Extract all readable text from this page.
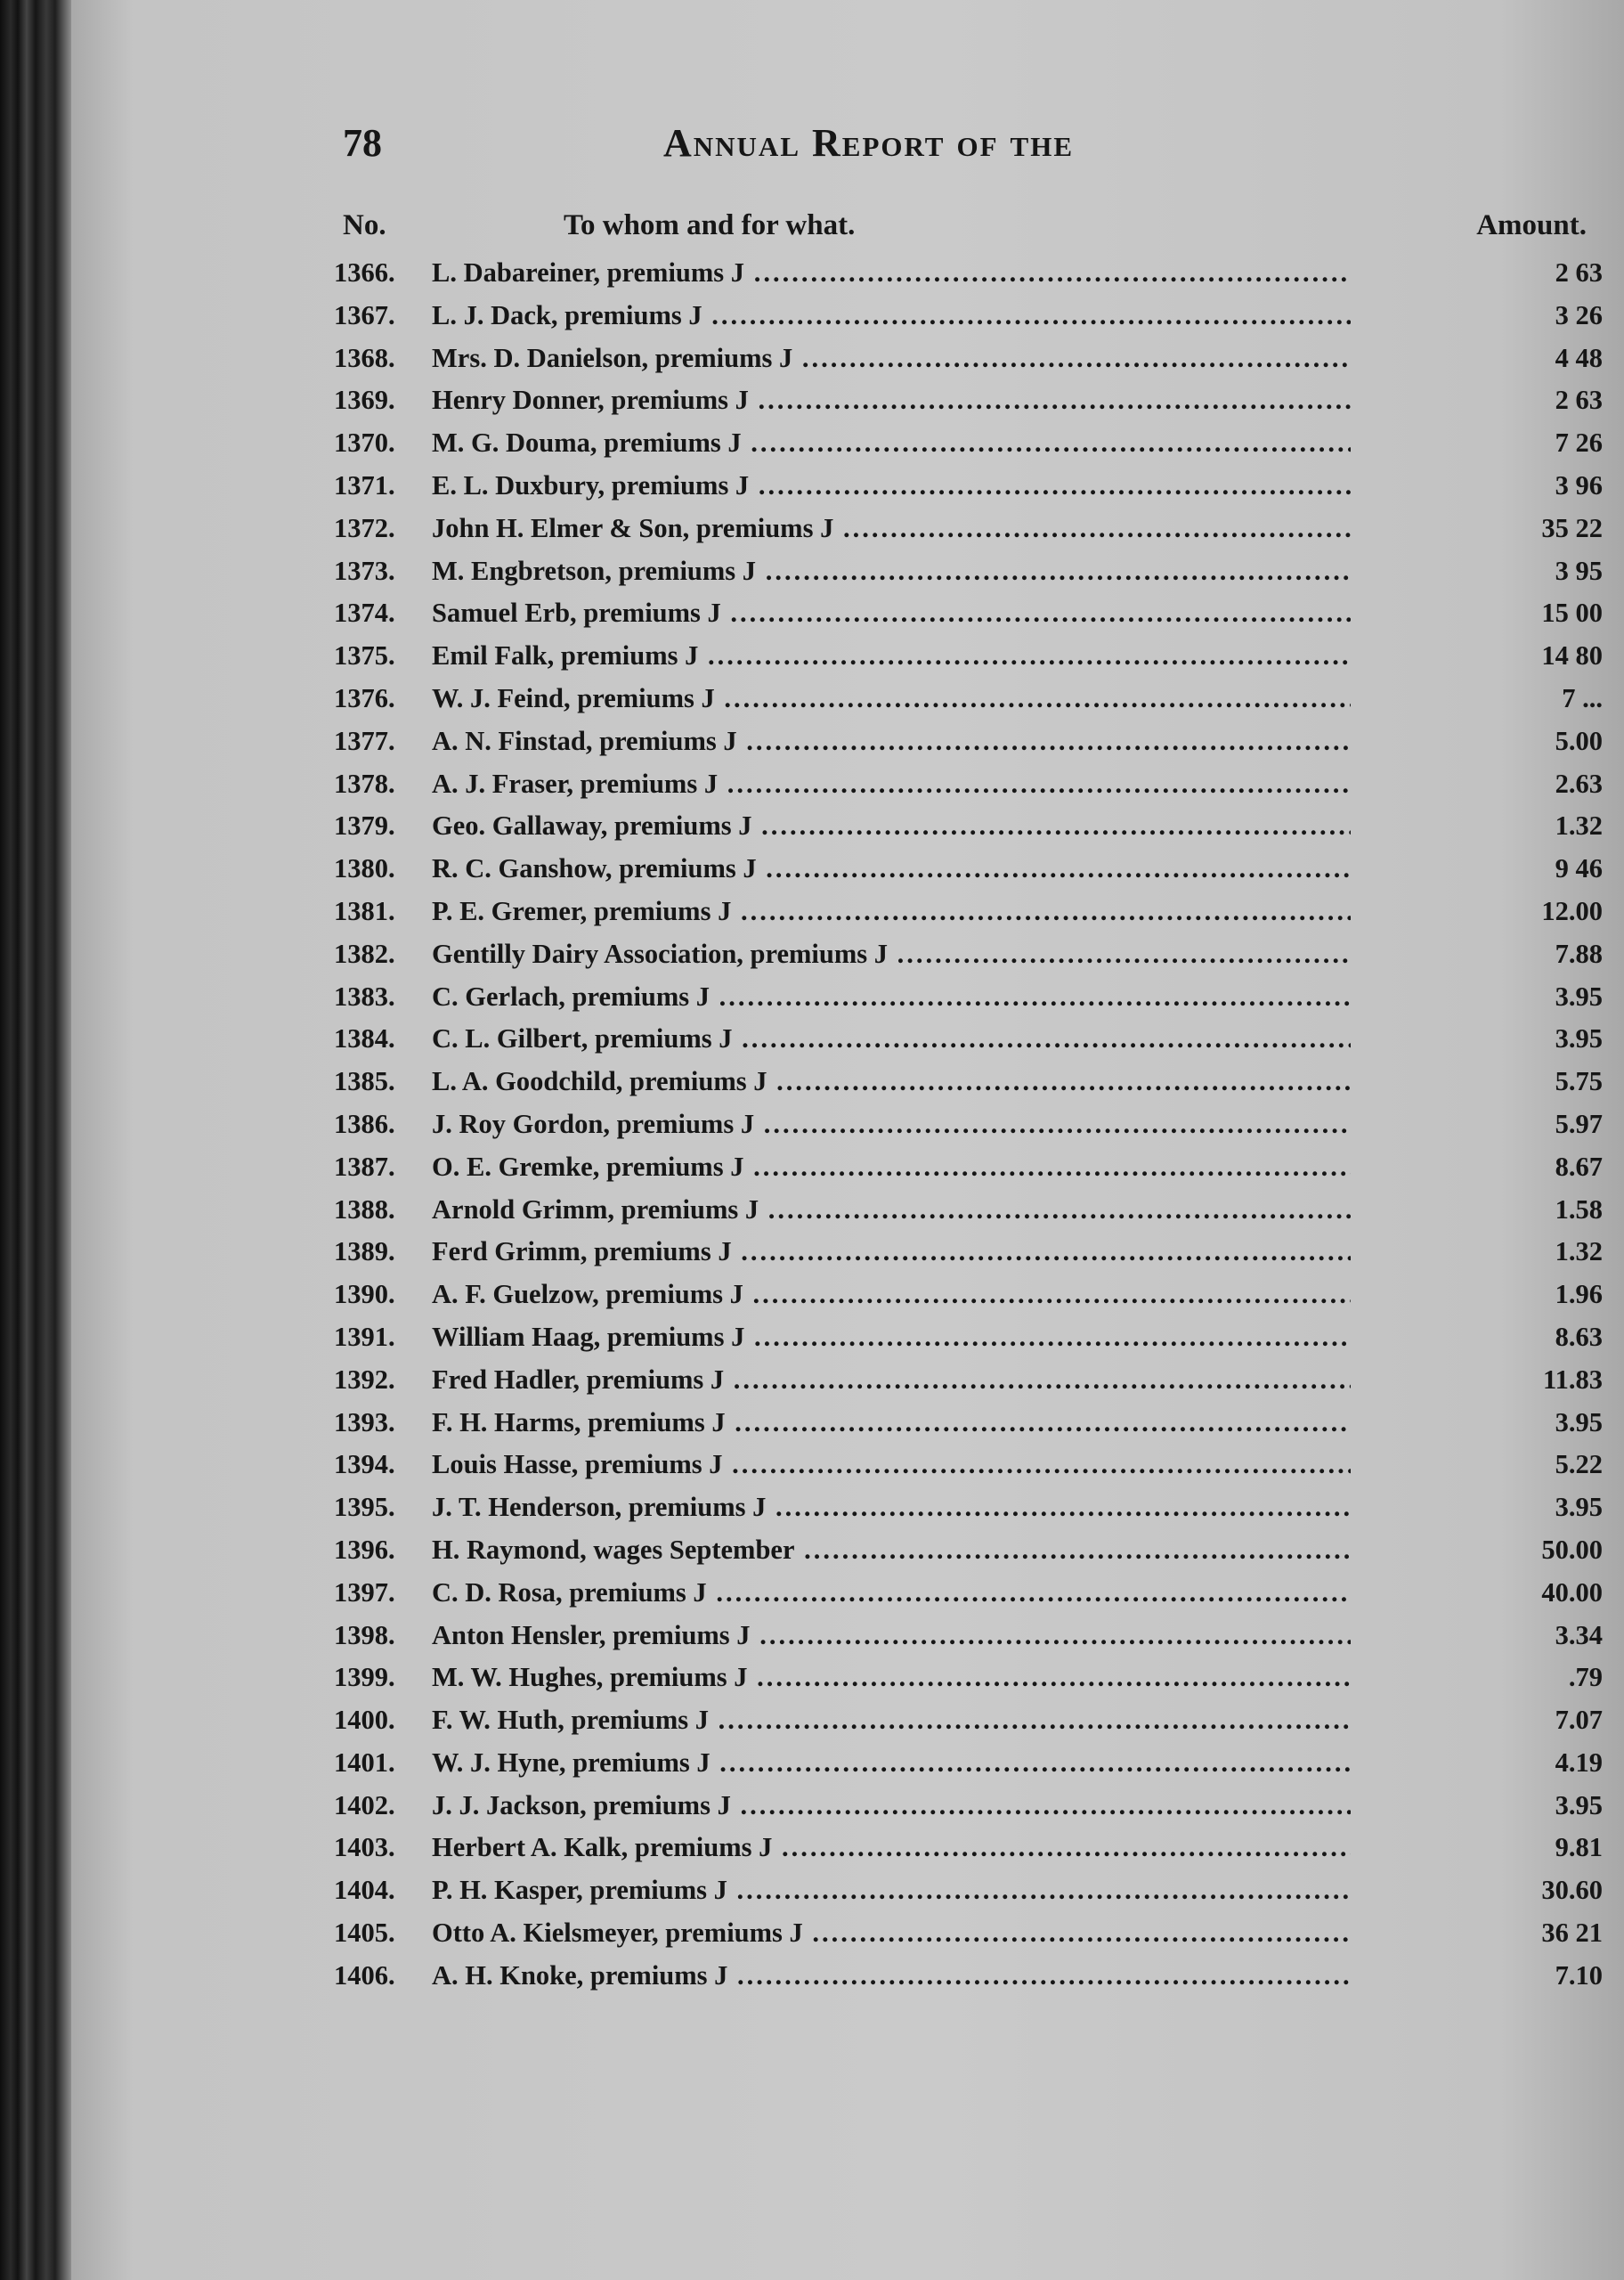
78	Annual Report of the
No.	To whom and for what.	Amount.
1366. L. Dabareiner, premiums J .....	2 63
1367. L. J. Dack, premiums J .....	3 26
1368. Mrs. D. Danielson, premiums J .....	4 48
1369. Henry Donner, premiums J .....	2 63
1370. M. G. Douma, premiums J .....	7 26
1371. E. L. Duxbury, premiums J .....	3 96
1372. John H. Elmer & Son, premiums J .....	35 22
1373. M. Engbretson, premiums J .....	3 95
1374. Samuel Erb, premiums J .....	15 00
1375. Emil Falk, premiums J .....	14 80
1376. W. J. Feind, premiums J .....	7 ...
1377. A. N. Finstad, premiums J .....	5.00
1378. A. J. Fraser, premiums J .....	2.63
1379. Geo. Gallaway, premiums J .....	1.32
1380. R. C. Ganshow, premiums J .....	9 46
1381. P. E. Gremer, premiums J .....	12.00
1382. Gentilly Dairy Association, premiums J .....	7.88
1383. C. Gerlach, premiums J .....	3.95
1384. C. L. Gilbert, premiums J .....	3.95
1385. L. A. Goodchild, premiums J .....	5.75
1386. J. Roy Gordon, premiums J .....	5.97
1387. O. E. Gremke, premiums J .....	8.67
1388. Arnold Grimm, premiums J .....	1.58
1389. Ferd Grimm, premiums J .....	1.32
1390. A. F. Guelzow, premiums J .....	1.96
1391. William Haag, premiums J .....	8.63
1392. Fred Hadler, premiums J .....	11.83
1393. F. H. Harms, premiums J .....	3.95
1394. Louis Hasse, premiums J .....	5.22
1395. J. T. Henderson, premiums J .....	3.95
1396. H. Raymond, wages September .....	50.00
1397. C. D. Rosa, premiums J .....	40.00
1398. Anton Hensler, premiums J .....	3.34
1399. M. W. Hughes, premiums J .....	.79
1400. F. W. Huth, premiums J .....	7.07
1401. W. J. Hyne, premiums J .....	4.19
1402. J. J. Jackson, premiums J .....	3.95
1403. Herbert A. Kalk, premiums J .....	9.81
1404. P. H. Kasper, premiums J .....	30.60
1405. Otto A. Kielsmeyer, premiums J .....	36 21
1406. A. H. Knoke, premiums J .....	7.10
